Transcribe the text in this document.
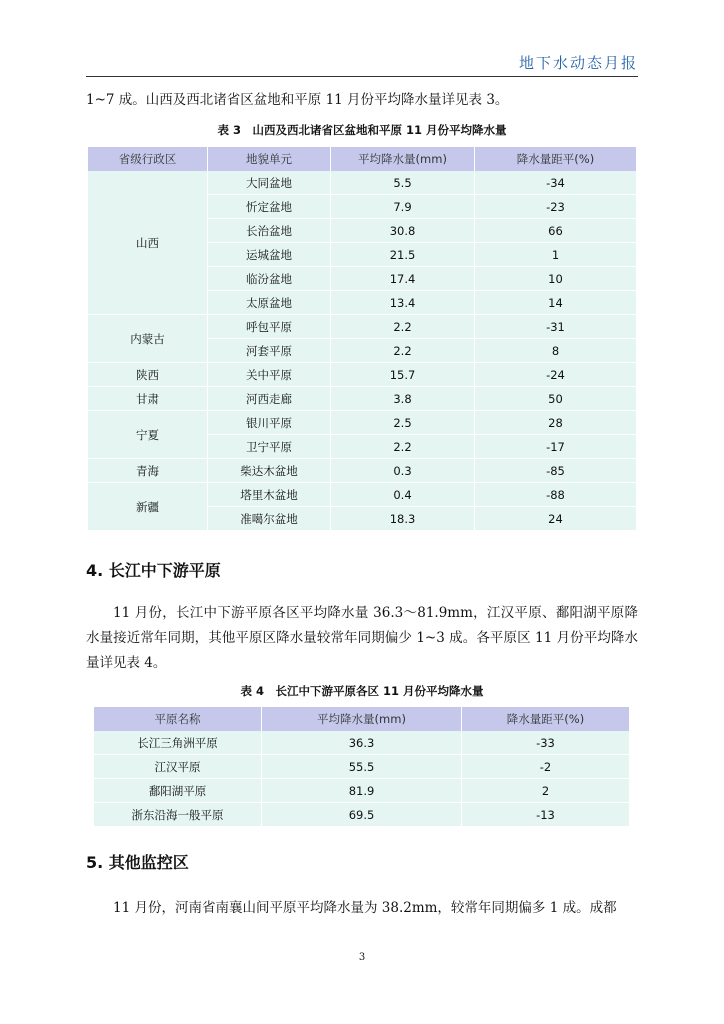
地下水动态月报
1~7 成。山西及西北诸省区盆地和平原 11 月份平均降水量详见表 3。
表 3　山西及西北诸省区盆地和平原 11 月份平均降水量
省级行政区	地貌单元	平均降水量(mm)	降水量距平(%)
山西	大同盆地	5.5	-34
	忻定盆地	7.9	-23
	长治盆地	30.8	66
	运城盆地	21.5	1
	临汾盆地	17.4	10
	太原盆地	13.4	14
内蒙古	呼包平原	2.2	-31
	河套平原	2.2	8
陕西	关中平原	15.7	-24
甘肃	河西走廊	3.8	50
宁夏	银川平原	2.5	28
	卫宁平原	2.2	-17
青海	柴达木盆地	0.3	-85
新疆	塔里木盆地	0.4	-88
	准噶尔盆地	18.3	24
4. 长江中下游平原
11 月份，长江中下游平原各区平均降水量 36.3～81.9mm，江汉平原、鄱阳湖平原降水量接近常年同期，其他平原区降水量较常年同期偏少 1~3 成。各平原区 11 月份平均降水量详见表 4。
表 4　长江中下游平原各区 11 月份平均降水量
平原名称	平均降水量(mm)	降水量距平(%)
长江三角洲平原	36.3	-33
江汉平原	55.5	-2
鄱阳湖平原	81.9	2
浙东沿海一般平原	69.5	-13
5. 其他监控区
11 月份，河南省南襄山间平原平均降水量为 38.2mm，较常年同期偏多 1 成。成都
3
